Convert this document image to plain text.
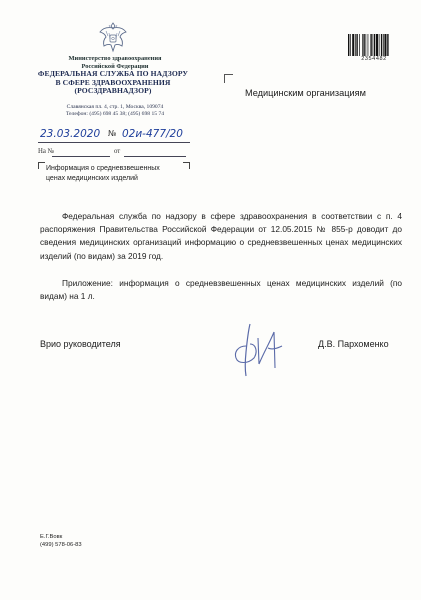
Министерство здравоохранения
Российской Федерации
ФЕДЕРАЛЬНАЯ СЛУЖБА ПО НАДЗОРУ
В СФЕРЕ ЗДРАВООХРАНЕНИЯ
(РОСЗДРАВНАДЗОР)
Славянская пл. 4, стр. 1, Москва, 109074
Телефон: (495) 698 45 38; (495) 698 15 74
23.03.2020 № 02и-477/20
На №	от
Информация о средневзвешенных
ценах медицинских изделий
2354482
Медицинским организациям
Федеральная служба по надзору в сфере здравоохранения в соответствии с п. 4 распоряжения Правительства Российской Федерации от 12.05.2015 № 855-р доводит до сведения медицинских организаций информацию о средневзвешенных ценах медицинских изделий (по видам) за 2019 год.
Приложение: информация о средневзвешенных ценах медицинских изделий (по видам) на 1 л.
Врио руководителя	Д.В. Пархоменко
Е.Г.Вовк
(499) 578-06-83
